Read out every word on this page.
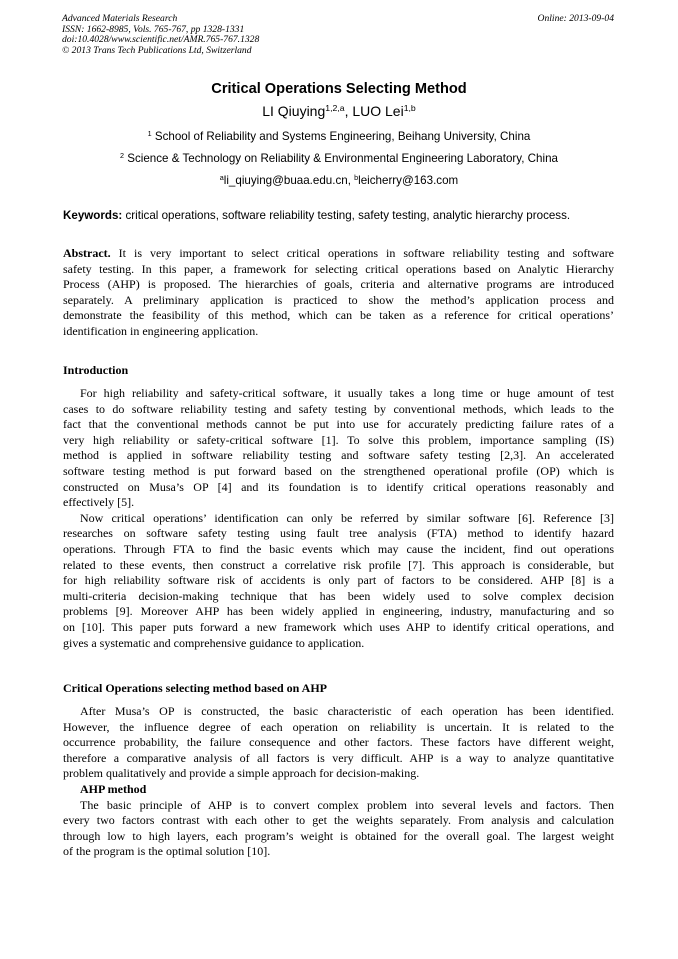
Advanced Materials Research
ISSN: 1662-8985, Vols. 765-767, pp 1328-1331
doi:10.4028/www.scientific.net/AMR.765-767.1328
© 2013 Trans Tech Publications Ltd, Switzerland
Online: 2013-09-04
Critical Operations Selecting Method
LI Qiuying$^{1,2,a}$, LUO Lei$^{1,b}$
$^1$ School of Reliability and Systems Engineering, Beihang University, China
$^2$ Science & Technology on Reliability & Environmental Engineering Laboratory, China
$^a$li_qiuying@buaa.edu.cn, $^b$leicherry@163.com
Keywords: critical operations, software reliability testing, safety testing, analytic hierarchy process.
Abstract. It is very important to select critical operations in software reliability testing and software
safety testing. In this paper, a framework for selecting critical operations based on Analytic Hierarchy
Process (AHP) is proposed. The hierarchies of goals, criteria and alternative programs are introduced
separately. A preliminary application is practiced to show the method’s application process and
demonstrate the feasibility of this method, which can be taken as a reference for critical operations’
identification in engineering application.
Introduction
For high reliability and safety-critical software, it usually takes a long time or huge amount of test
cases to do software reliability testing and safety testing by conventional methods, which leads to the
fact that the conventional methods cannot be put into use for accurately predicting failure rates of a
very high reliability or safety-critical software [1]. To solve this problem, importance sampling (IS)
method is applied in software reliability testing and software safety testing [2,3]. An accelerated
software testing method is put forward based on the strengthened operational profile (OP) which is
constructed on Musa’s OP [4] and its foundation is to identify critical operations reasonably and
effectively [5].
Now critical operations’ identification can only be referred by similar software [6]. Reference [3]
researches on software safety testing using fault tree analysis (FTA) method to identify hazard
operations. Through FTA to find the basic events which may cause the incident, find out operations
related to these events, then construct a correlative risk profile [7]. This approach is considerable, but
for high reliability software risk of accidents is only part of factors to be considered. AHP [8] is a
multi-criteria decision-making technique that has been widely used to solve complex decision
problems [9]. Moreover AHP has been widely applied in engineering, industry, manufacturing and so
on [10]. This paper puts forward a new framework which uses AHP to identify critical operations, and
gives a systematic and comprehensive guidance to application.
Critical Operations selecting method based on AHP
After Musa’s OP is constructed, the basic characteristic of each operation has been identified.
However, the influence degree of each operation on reliability is uncertain. It is related to the
occurrence probability, the failure consequence and other factors. These factors have different weight,
therefore a comparative analysis of all factors is very difficult. AHP is a way to analyze quantitative
problem qualitatively and provide a simple approach for decision-making.
AHP method
The basic principle of AHP is to convert complex problem into several levels and factors. Then
every two factors contrast with each other to get the weights separately. From analysis and calculation
through low to high layers, each program’s weight is obtained for the overall goal. The largest weight
of the program is the optimal solution [10].
